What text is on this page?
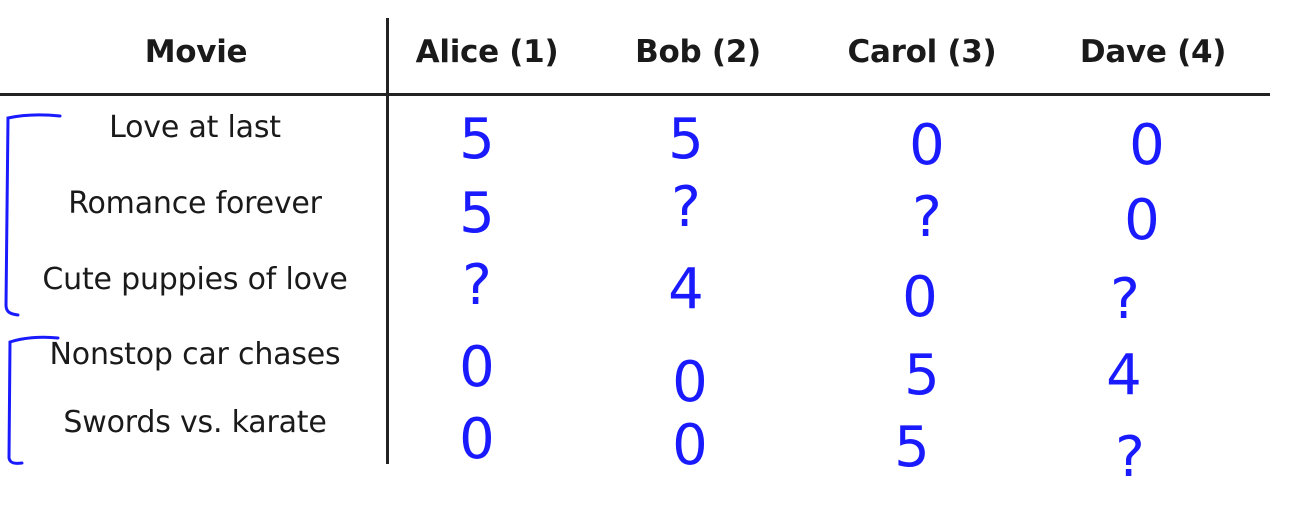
Movie	Alice (1)	Bob (2)	Carol (3)	Dave (4)
Love at last	5	5	0	0
Romance forever	5	?	?	0
Cute puppies of love	?	4	0	?
Nonstop car chases	0	0	5	4
Swords vs. karate	0	0	5	?
